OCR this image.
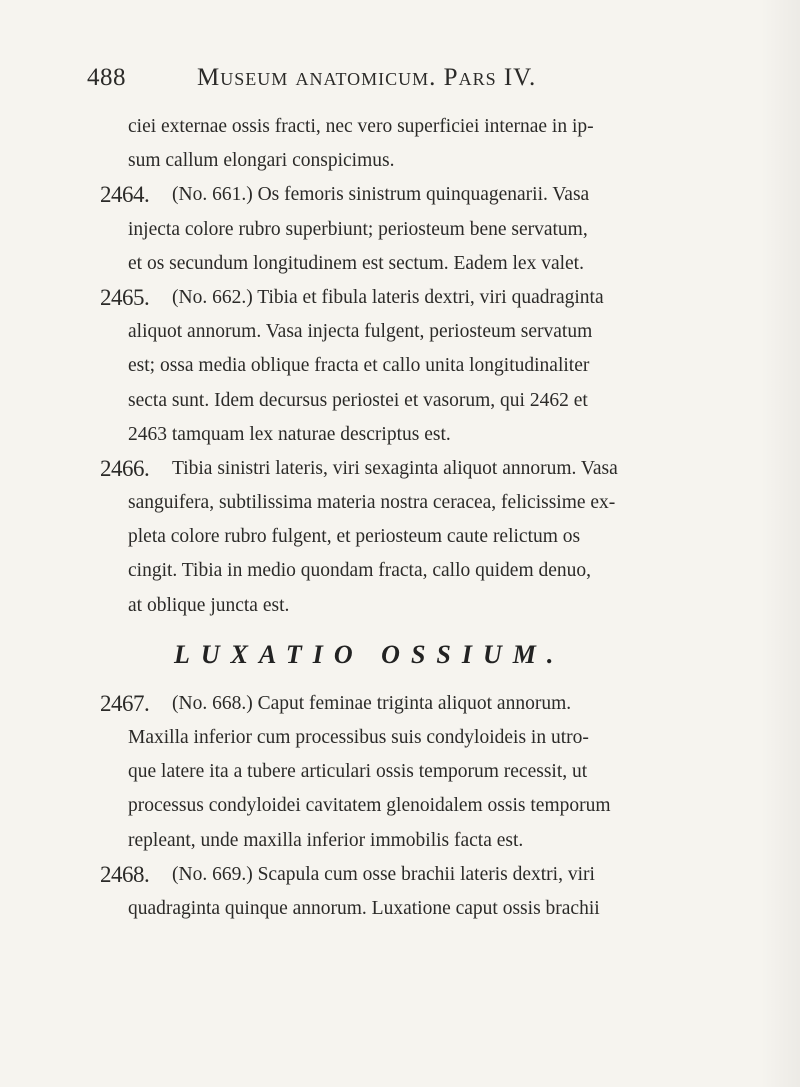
488	Museum anatomicum. Pars IV.
ciei externae ossis fracti, nec vero superficiei internae in ip-
sum callum elongari conspicimus.
2464 . (No. 661.) Os femoris sinistrum quinquagenarii. Vasa
injecta colore rubro superbiunt; periosteum bene servatum,
et os secundum longitudinem est sectum. Eadem lex valet.
2465 . (No. 662.) Tibia et fibula lateris dextri, viri quadraginta
aliquot annorum. Vasa injecta fulgent, periosteum servatum
est; ossa media oblique fracta et callo unita longitudinaliter
secta sunt. Idem decursus periostei et vasorum, qui 2462 et
2463 tamquam lex naturae descriptus est.
2466 . Tibia sinistri lateris, viri sexaginta aliquot annorum. Vasa
sanguifera, subtilissima materia nostra ceracea, felicissime ex-
pleta colore rubro fulgent, et periosteum caute relictum os
cingit. Tibia in medio quondam fracta, callo quidem denuo,
at oblique juncta est.
LUXATIO OSSIUM.
2467 . (No. 668.) Caput feminae triginta aliquot annorum.
Maxilla inferior cum processibus suis condyloideis in utro-
que latere ita a tubere articulari ossis temporum recessit, ut
processus condyloidei cavitatem glenoidalem ossis temporum
repleant, unde maxilla inferior immobilis facta est.
2468 . (No. 669.) Scapula cum osse brachii lateris dextri, viri
quadraginta quinque annorum. Luxatione caput ossis brachii
